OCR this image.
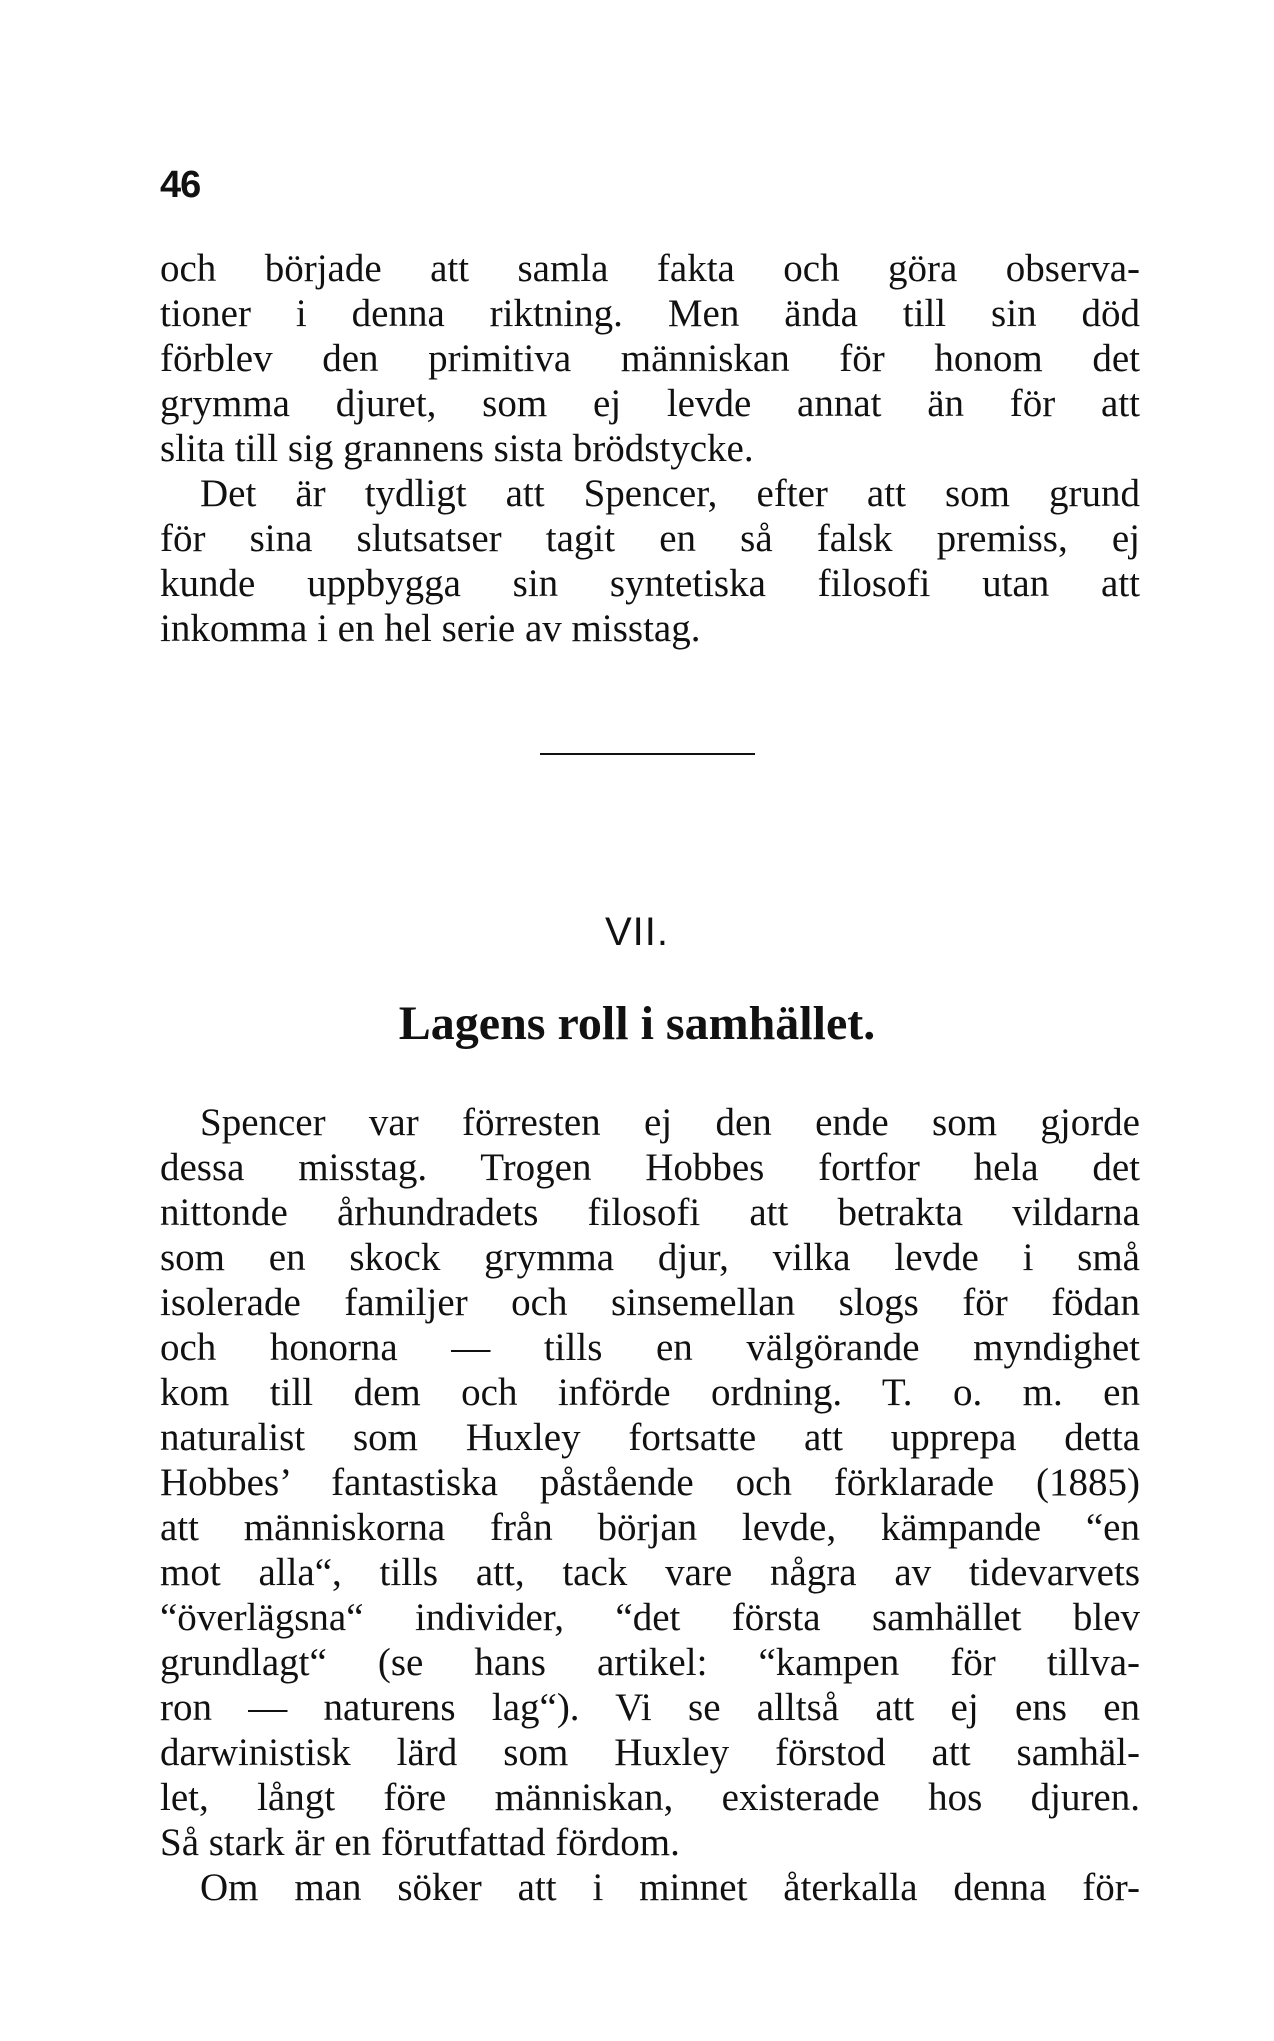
46
och började att samla fakta och göra observa-
tioner i denna riktning. Men ända till sin död
förblev den primitiva människan för honom det
grymma djuret, som ej levde annat än för att
slita till sig grannens sista brödstycke.
Det är tydligt att Spencer, efter att som grund
för sina slutsatser tagit en så falsk premiss, ej
kunde uppbygga sin syntetiska filosofi utan att
inkomma i en hel serie av misstag.
VII.
Lagens roll i samhället.
Spencer var förresten ej den ende som gjorde
dessa misstag. Trogen Hobbes fortfor hela det
nittonde århundradets filosofi att betrakta vildarna
som en skock grymma djur, vilka levde i små
isolerade familjer och sinsemellan slogs för födan
och honorna — tills en välgörande myndighet
kom till dem och införde ordning. T. o. m. en
naturalist som Huxley fortsatte att upprepa detta
Hobbes’ fantastiska påstående och förklarade (1885)
att människorna från början levde, kämpande “en
mot alla“, tills att, tack vare några av tidevarvets
“överlägsna“ individer, “det första samhället blev
grundlagt“ (se hans artikel: “kampen för tillva-
ron — naturens lag“). Vi se alltså att ej ens en
darwinistisk lärd som Huxley förstod att samhäl-
let, långt före människan, existerade hos djuren.
Så stark är en förutfattad fördom.
Om man söker att i minnet återkalla denna för-
